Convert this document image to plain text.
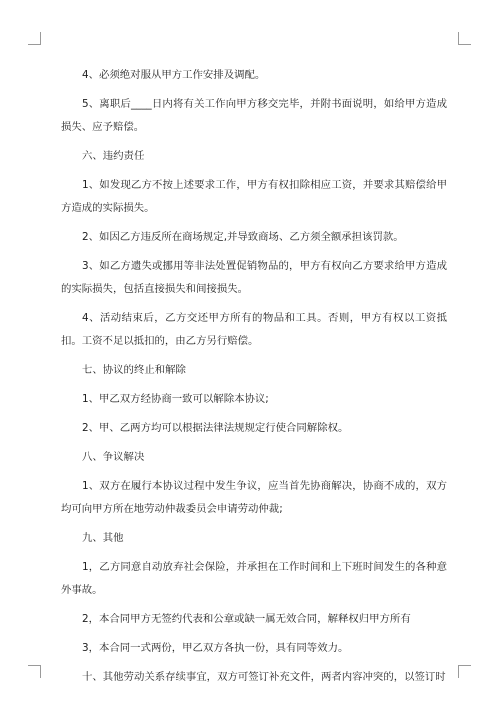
4、必须绝对服从甲方工作安排及调配。

5、离职后____日内将有关工作向甲方移交完毕，并附书面说明，如给甲方造成损失、应予赔偿。

六、违约责任

1、如发现乙方不按上述要求工作，甲方有权扣除相应工资，并要求其赔偿给甲方造成的实际损失。

2、如因乙方违反所在商场规定,并导致商场、乙方须全额承担该罚款。

3、如乙方遗失或挪用等非法处置促销物品的，甲方有权向乙方要求给甲方造成的实际损失，包括直接损失和间接损失。

4、活动结束后，乙方交还甲方所有的物品和工具。否则，甲方有权以工资抵扣。工资不足以抵扣的，由乙方另行赔偿。

七、协议的终止和解除

1、甲乙双方经协商一致可以解除本协议;

2、甲、乙两方均可以根据法律法规规定行使合同解除权。

八、争议解决

1、双方在履行本协议过程中发生争议，应当首先协商解决，协商不成的，双方均可向甲方所在地劳动仲裁委员会申请劳动仲裁;

九、其他

1，乙方同意自动放弃社会保险，并承担在工作时间和上下班时间发生的各种意外事故。

2，本合同甲方无签约代表和公章或缺一属无效合同，解释权归甲方所有

3，本合同一式两份，甲乙双方各执一份，具有同等效力。

十、其他劳动关系存续事宜，双方可签订补充文件，两者内容冲突的，以签订时
